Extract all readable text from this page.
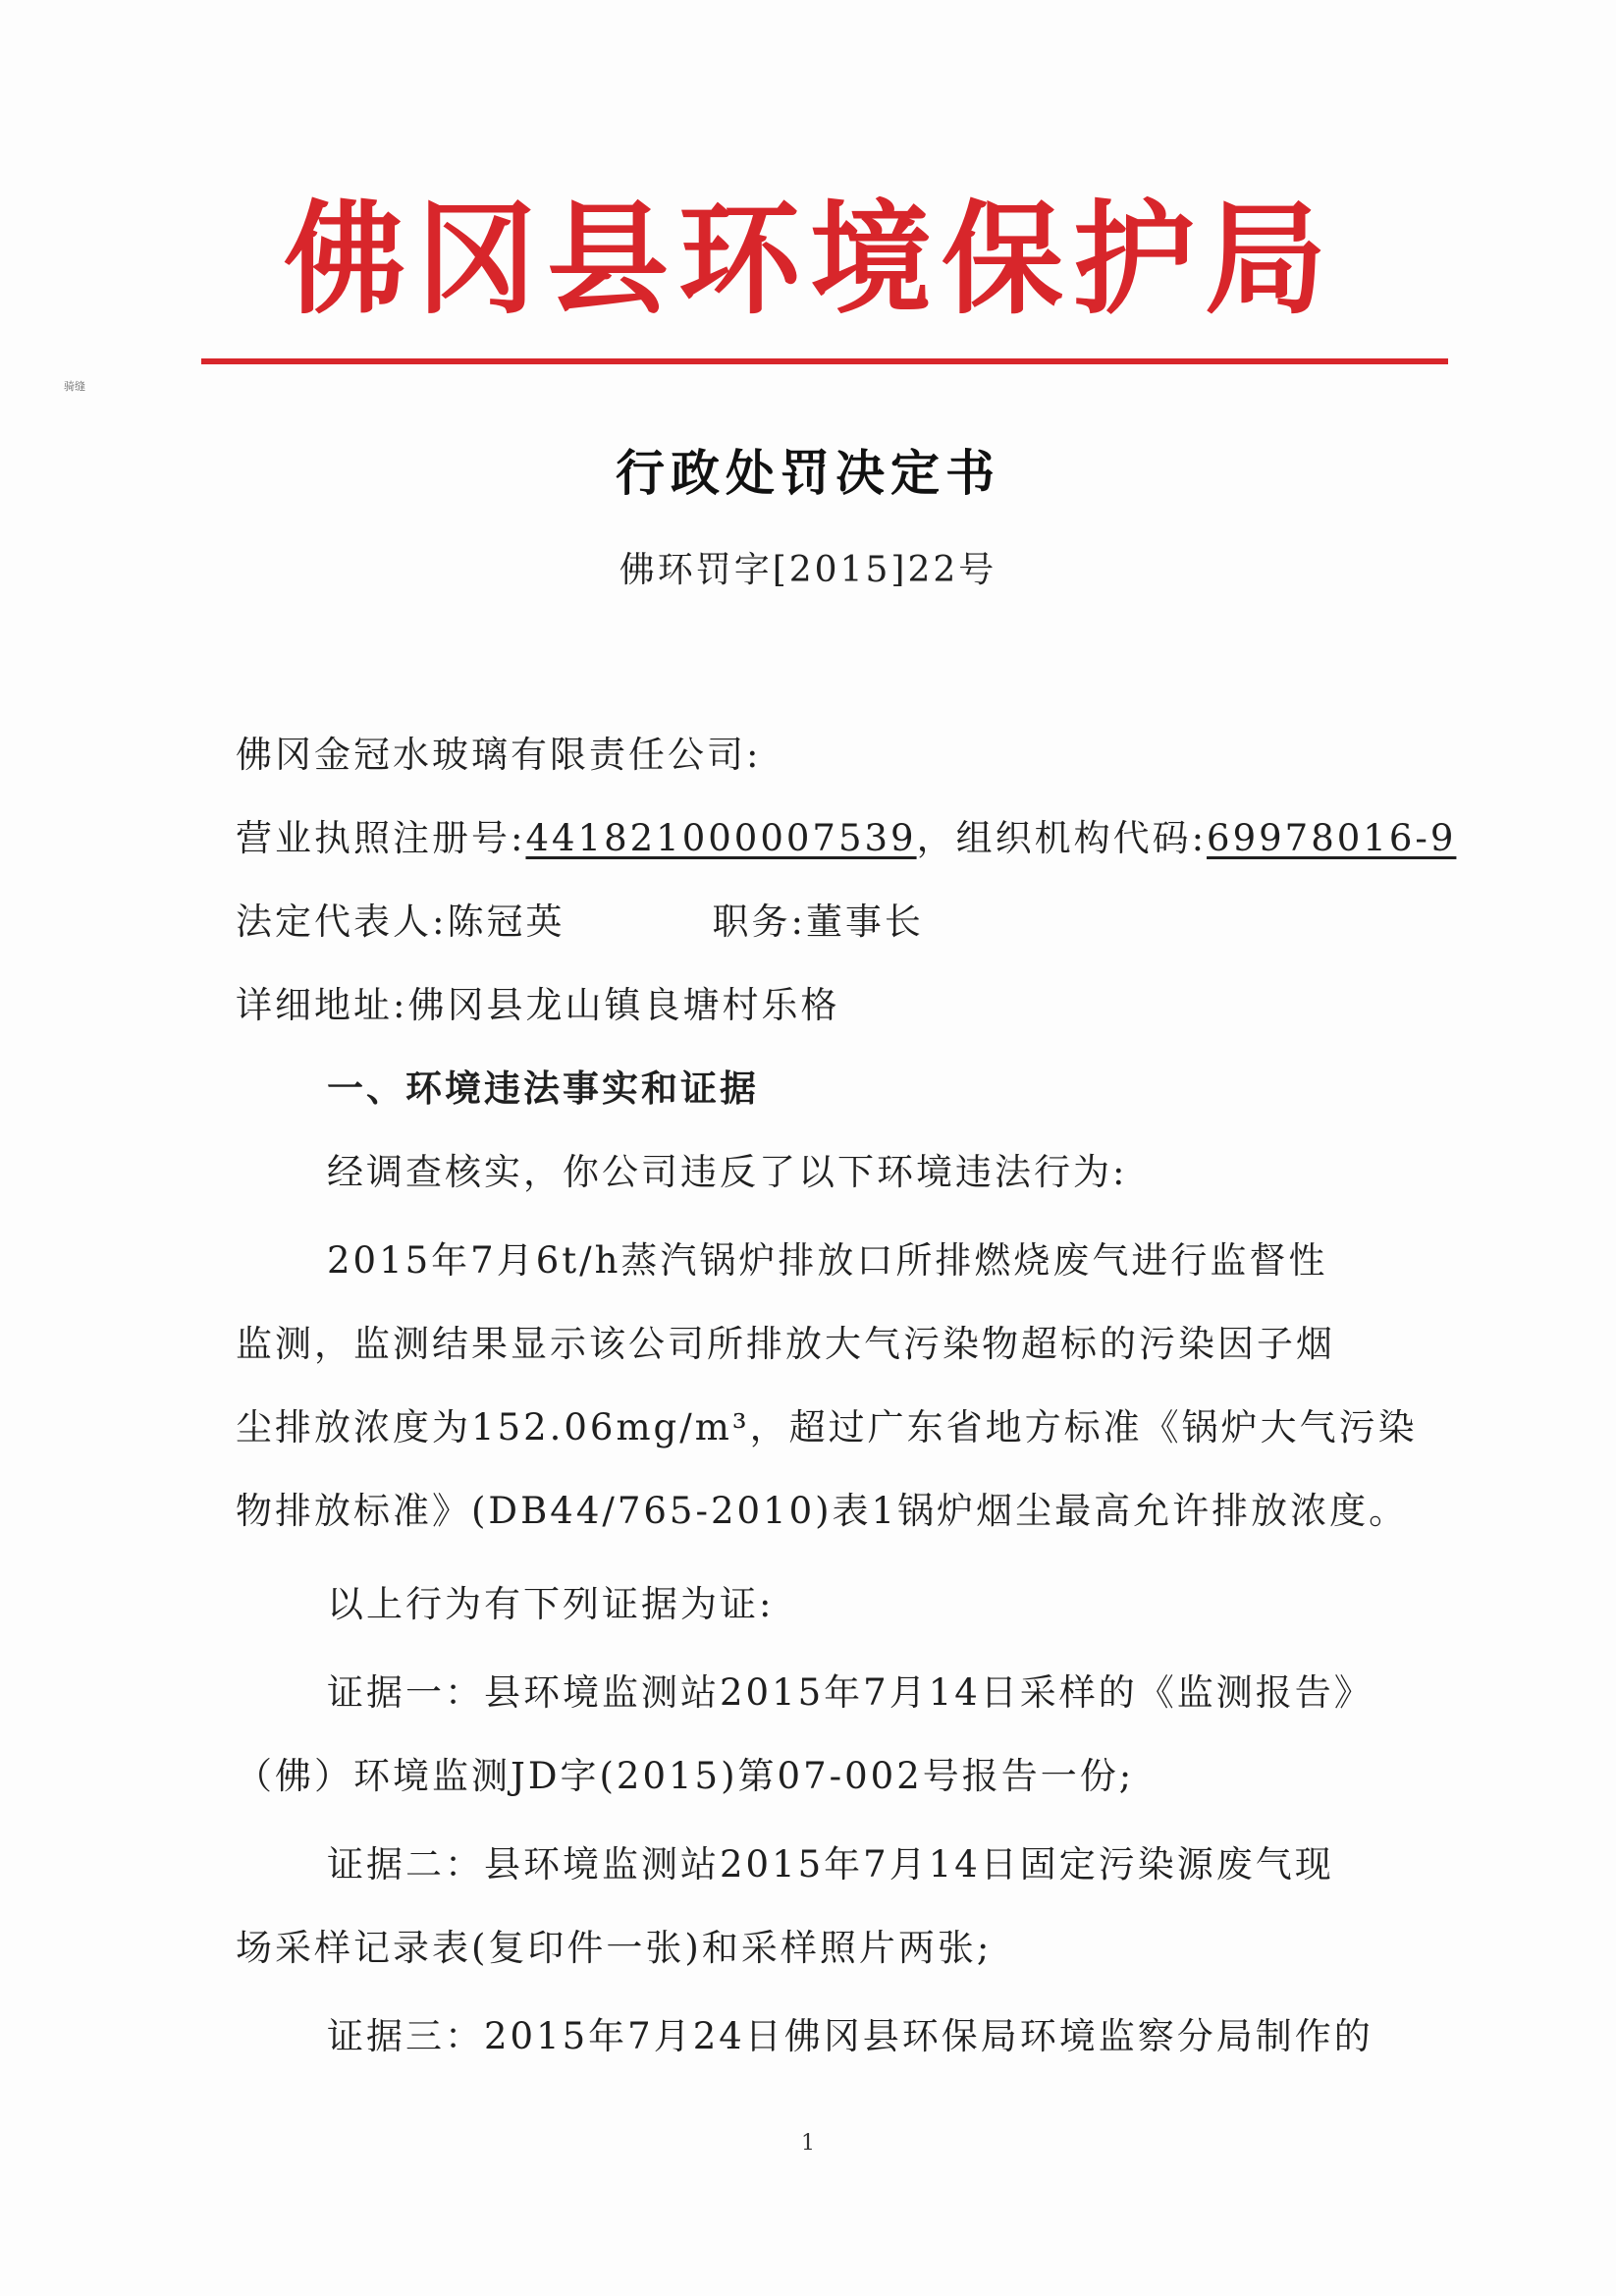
佛冈县环境保护局
骑缝
行政处罚决定书
佛环罚字[2015]22号
佛冈金冠水玻璃有限责任公司:
营业执照注册号:441821000007539，组织机构代码:69978016-9
法定代表人:陈冠英	职务:董事长
详细地址:佛冈县龙山镇良塘村乐格
一、环境违法事实和证据
经调查核实，你公司违反了以下环境违法行为:
2015年7月6t/h蒸汽锅炉排放口所排燃烧废气进行监督性
监测，监测结果显示该公司所排放大气污染物超标的污染因子烟
尘排放浓度为152.06mg/m³，超过广东省地方标准《锅炉大气污染
物排放标准》(DB44/765-2010)表1锅炉烟尘最高允许排放浓度。
以上行为有下列证据为证:
证据一：县环境监测站2015年7月14日采样的《监测报告》
（佛）环境监测JD字(2015)第07-002号报告一份;
证据二：县环境监测站2015年7月14日固定污染源废气现
场采样记录表(复印件一张)和采样照片两张;
证据三：2015年7月24日佛冈县环保局环境监察分局制作的
1
